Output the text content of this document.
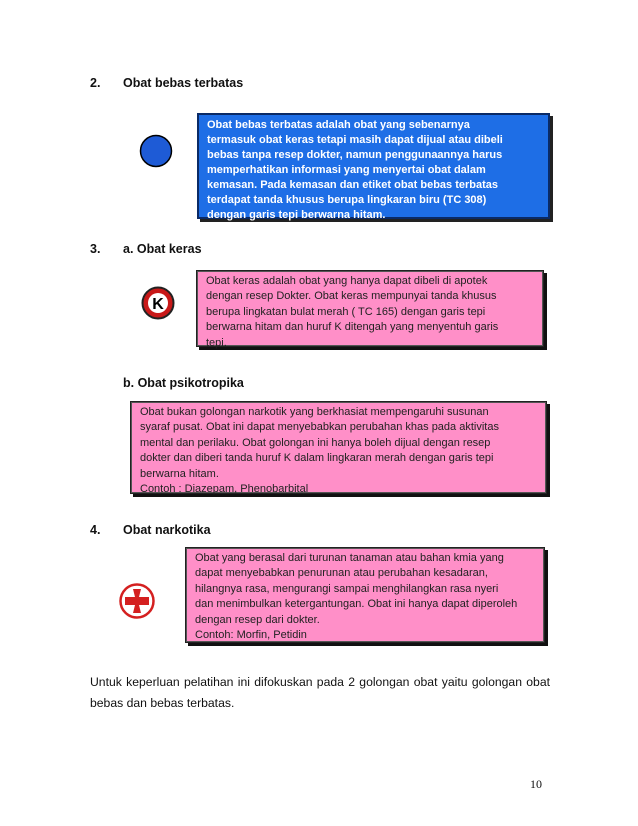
2. Obat bebas terbatas
Obat bebas terbatas adalah obat yang sebenarnya
termasuk obat keras tetapi masih dapat dijual atau dibeli
bebas tanpa resep dokter, namun penggunaannya harus
memperhatikan informasi yang menyertai obat dalam
kemasan. Pada kemasan dan etiket obat bebas terbatas
terdapat tanda khusus berupa lingkaran biru (TC 308)
dengan garis tepi berwarna hitam.
Contoh: CTM
3. a. Obat keras
K
Obat keras adalah obat yang hanya dapat dibeli di apotek
dengan resep Dokter. Obat keras mempunyai tanda khusus
berupa lingkatan bulat merah ( TC 165) dengan garis tepi
berwarna hitam dan huruf K ditengah yang menyentuh garis
tepi.
b. Obat psikotropika
Obat bukan golongan narkotik yang berkhasiat mempengaruhi susunan
syaraf pusat. Obat ini dapat menyebabkan perubahan khas pada aktivitas
mental dan perilaku. Obat golongan ini hanya boleh dijual dengan resep
dokter dan diberi tanda huruf K dalam lingkaran merah dengan garis tepi
berwarna hitam.
Contoh : Diazepam, Phenobarbital
4. Obat narkotika
Obat yang berasal dari turunan tanaman atau bahan kmia yang
dapat menyebabkan penurunan atau perubahan kesadaran,
hilangnya rasa, mengurangi sampai menghilangkan rasa nyeri
dan menimbulkan ketergantungan. Obat ini hanya dapat diperoleh
dengan resep dari dokter.
Contoh: Morfin, Petidin
Untuk keperluan pelatihan ini difokuskan pada 2 golongan obat yaitu golongan obat bebas dan bebas terbatas.
10
